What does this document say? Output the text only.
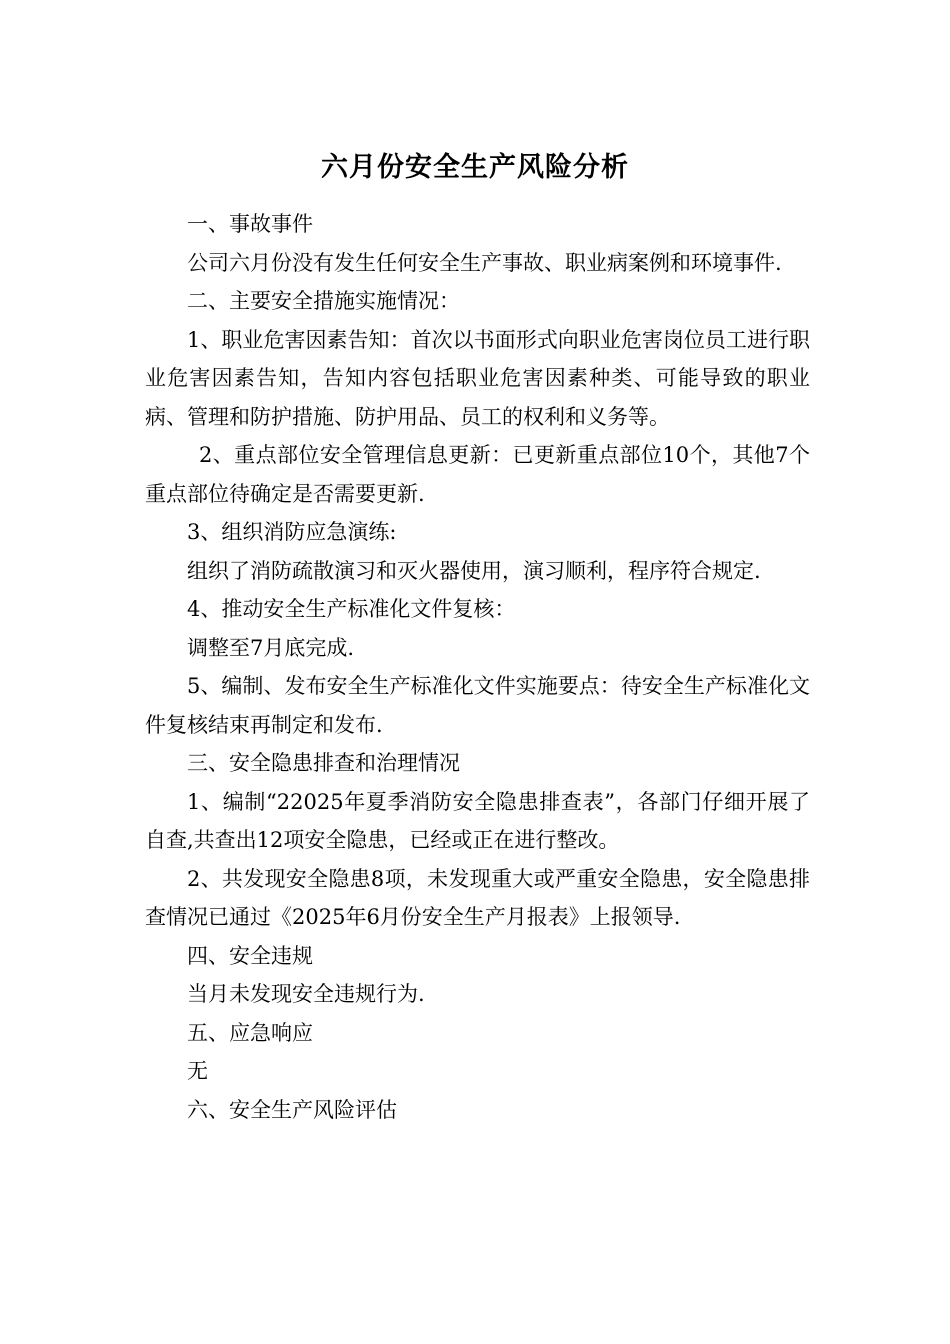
六月份安全生产风险分析

一、事故事件

公司六月份没有发生任何安全生产事故、职业病案例和环境事件.

二、主要安全措施实施情况：

1、职业危害因素告知：首次以书面形式向职业危害岗位员工进行职业危害因素告知，告知内容包括职业危害因素种类、可能导致的职业病、管理和防护措施、防护用品、员工的权利和义务等。

2、重点部位安全管理信息更新：已更新重点部位10个，其他7个重点部位待确定是否需要更新.

3、组织消防应急演练:

组织了消防疏散演习和灭火器使用，演习顺利，程序符合规定.

4、推动安全生产标准化文件复核：

调整至7月底完成.

5、编制、发布安全生产标准化文件实施要点：待安全生产标准化文件复核结束再制定和发布.

三、安全隐患排查和治理情况

1、编制“22025年夏季消防安全隐患排查表”，各部门仔细开展了自查,共查出12项安全隐患，已经或正在进行整改。

2、共发现安全隐患8项，未发现重大或严重安全隐患，安全隐患排查情况已通过《2025年6月份安全生产月报表》上报领导.

四、安全违规

当月未发现安全违规行为.

五、应急响应

无

六、安全生产风险评估
